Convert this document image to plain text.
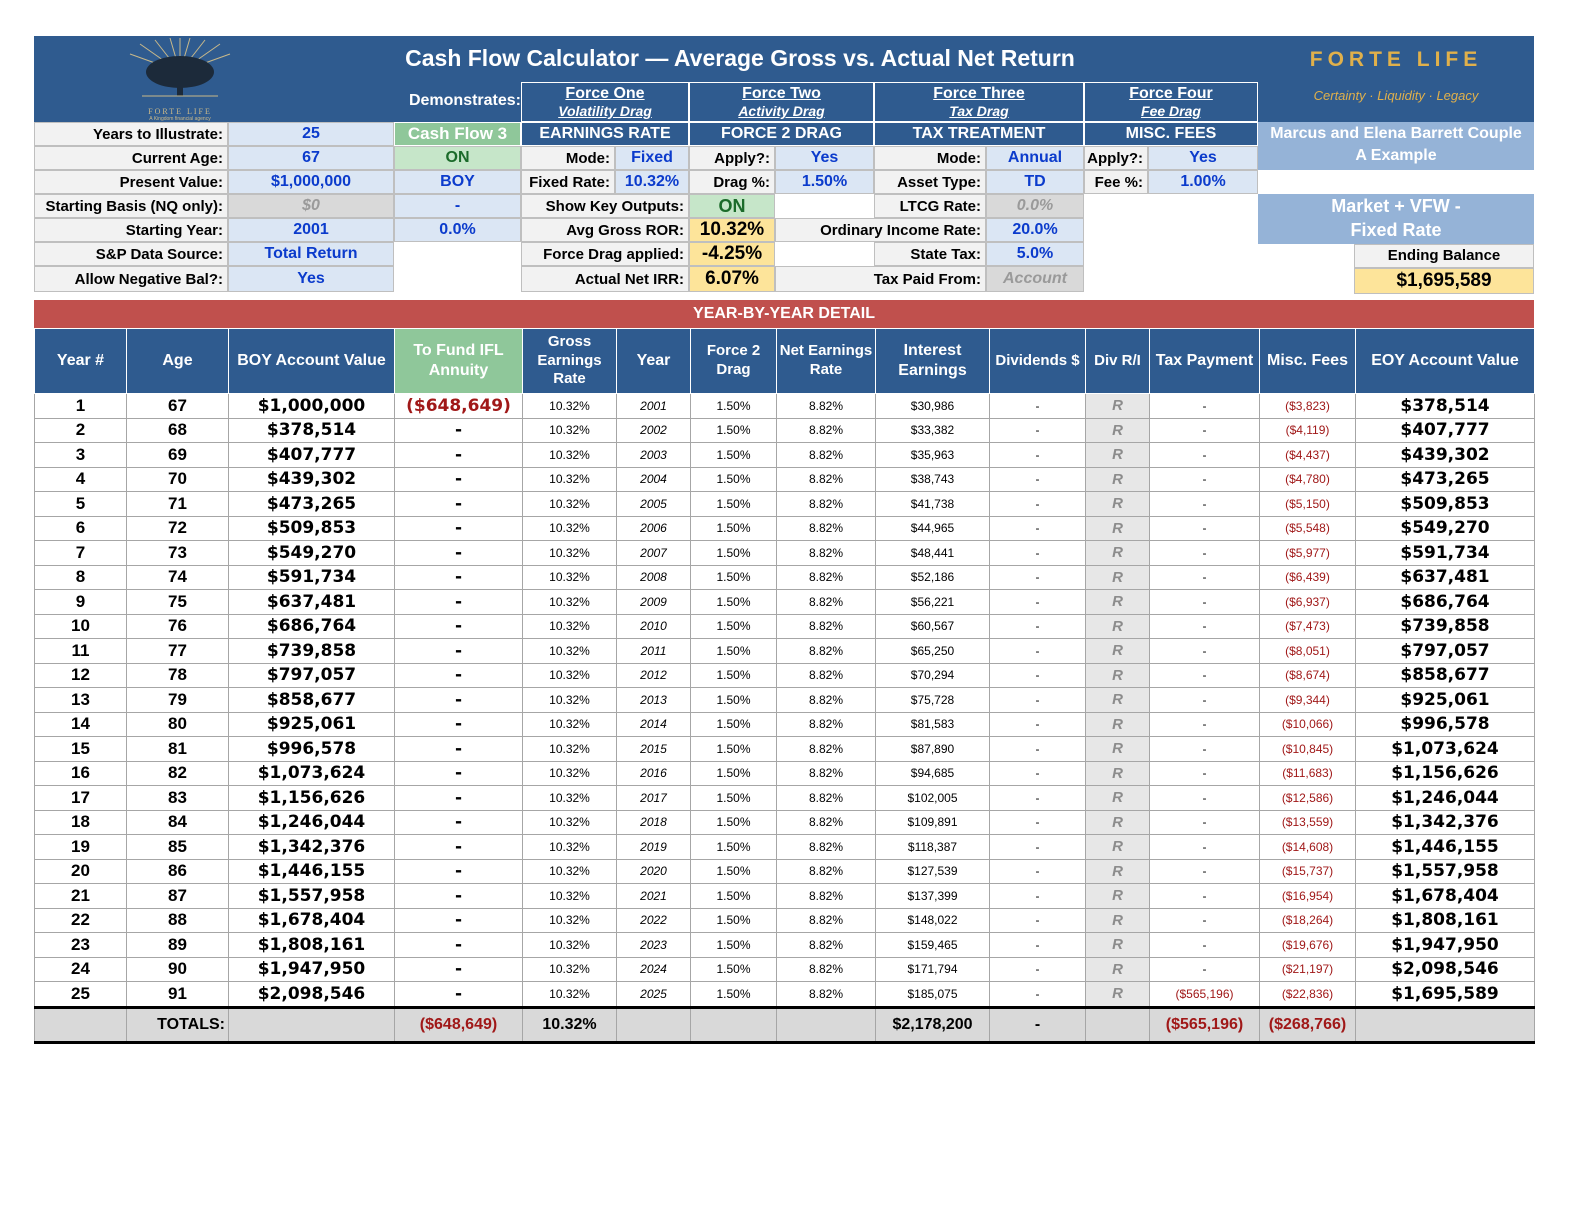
FORTE LIFE
A Kingdom financial agency
Cash Flow Calculator — Average Gross vs. Actual Net Return	FORTE LIFE
Certainty · Liquidity · Legacy
Demonstrates:	Force One
Volatility Drag
Force Two
Activity Drag
Force Three
Tax Drag
Force Four
Fee Drag
Years to Illustrate:	25
Current Age:	67
Present Value:	$1,000,000
Starting Basis (NQ only):	$0
Starting Year:	2001
S&P Data Source:	Total Return
Allow Negative Bal?:	Yes
Cash Flow 3
ON
BOY
-
0.0%
EARNINGS RATE
Mode:	Fixed
Fixed Rate: 10.32%
Show Key Outputs:	ON
Avg Gross ROR: 10.32%
Force Drag applied: -4.25%
Actual Net IRR:	6.07%
FORCE 2 DRAG
Apply?:	Yes
Drag %:	1.50%
TAX TREATMENT
Mode:	Annual
Asset Type:	TD
LTCG Rate:	0.0%
Ordinary Income Rate:	20.0%
State Tax:	5.0%
Tax Paid From:	Account
MISC. FEES
Apply?:	Yes
Fee %:	1.00%
Marcus and Elena Barrett Couple
A Example
Market + VFW -
Fixed Rate
Ending Balance
$1,695,589
YEAR-BY-YEAR DETAIL
Year #	Age	BOY Account Value	To Fund IFL Annuity	Gross Earnings Rate	Year	Force 2 Drag	Net Earnings Rate	Interest Earnings	Dividends $	Div R/I	Tax Payment	Misc. Fees	EOY Account Value
1	67	$1,000,000	($648,649)	10.32%	2001	1.50%	8.82%	$30,986	-	R	-	($3,823)	$378,514
2	68	$378,514	-	10.32%	2002	1.50%	8.82%	$33,382	-	R	-	($4,119)	$407,777
3	69	$407,777	-	10.32%	2003	1.50%	8.82%	$35,963	-	R	-	($4,437)	$439,302
4	70	$439,302	-	10.32%	2004	1.50%	8.82%	$38,743	-	R	-	($4,780)	$473,265
5	71	$473,265	-	10.32%	2005	1.50%	8.82%	$41,738	-	R	-	($5,150)	$509,853
6	72	$509,853	-	10.32%	2006	1.50%	8.82%	$44,965	-	R	-	($5,548)	$549,270
7	73	$549,270	-	10.32%	2007	1.50%	8.82%	$48,441	-	R	-	($5,977)	$591,734
8	74	$591,734	-	10.32%	2008	1.50%	8.82%	$52,186	-	R	-	($6,439)	$637,481
9	75	$637,481	-	10.32%	2009	1.50%	8.82%	$56,221	-	R	-	($6,937)	$686,764
10	76	$686,764	-	10.32%	2010	1.50%	8.82%	$60,567	-	R	-	($7,473)	$739,858
11	77	$739,858	-	10.32%	2011	1.50%	8.82%	$65,250	-	R	-	($8,051)	$797,057
12	78	$797,057	-	10.32%	2012	1.50%	8.82%	$70,294	-	R	-	($8,674)	$858,677
13	79	$858,677	-	10.32%	2013	1.50%	8.82%	$75,728	-	R	-	($9,344)	$925,061
14	80	$925,061	-	10.32%	2014	1.50%	8.82%	$81,583	-	R	-	($10,066)	$996,578
15	81	$996,578	-	10.32%	2015	1.50%	8.82%	$87,890	-	R	-	($10,845)	$1,073,624
16	82	$1,073,624	-	10.32%	2016	1.50%	8.82%	$94,685	-	R	-	($11,683)	$1,156,626
17	83	$1,156,626	-	10.32%	2017	1.50%	8.82%	$102,005	-	R	-	($12,586)	$1,246,044
18	84	$1,246,044	-	10.32%	2018	1.50%	8.82%	$109,891	-	R	-	($13,559)	$1,342,376
19	85	$1,342,376	-	10.32%	2019	1.50%	8.82%	$118,387	-	R	-	($14,608)	$1,446,155
20	86	$1,446,155	-	10.32%	2020	1.50%	8.82%	$127,539	-	R	-	($15,737)	$1,557,958
21	87	$1,557,958	-	10.32%	2021	1.50%	8.82%	$137,399	-	R	-	($16,954)	$1,678,404
22	88	$1,678,404	-	10.32%	2022	1.50%	8.82%	$148,022	-	R	-	($18,264)	$1,808,161
23	89	$1,808,161	-	10.32%	2023	1.50%	8.82%	$159,465	-	R	-	($19,676)	$1,947,950
24	90	$1,947,950	-	10.32%	2024	1.50%	8.82%	$171,794	-	R	-	($21,197)	$2,098,546
25	91	$2,098,546	-	10.32%	2025	1.50%	8.82%	$185,075	-	R	($565,196)	($22,836)	$1,695,589
	TOTALS:		($648,649)	10.32%				$2,178,200	-		($565,196)	($268,766)	
